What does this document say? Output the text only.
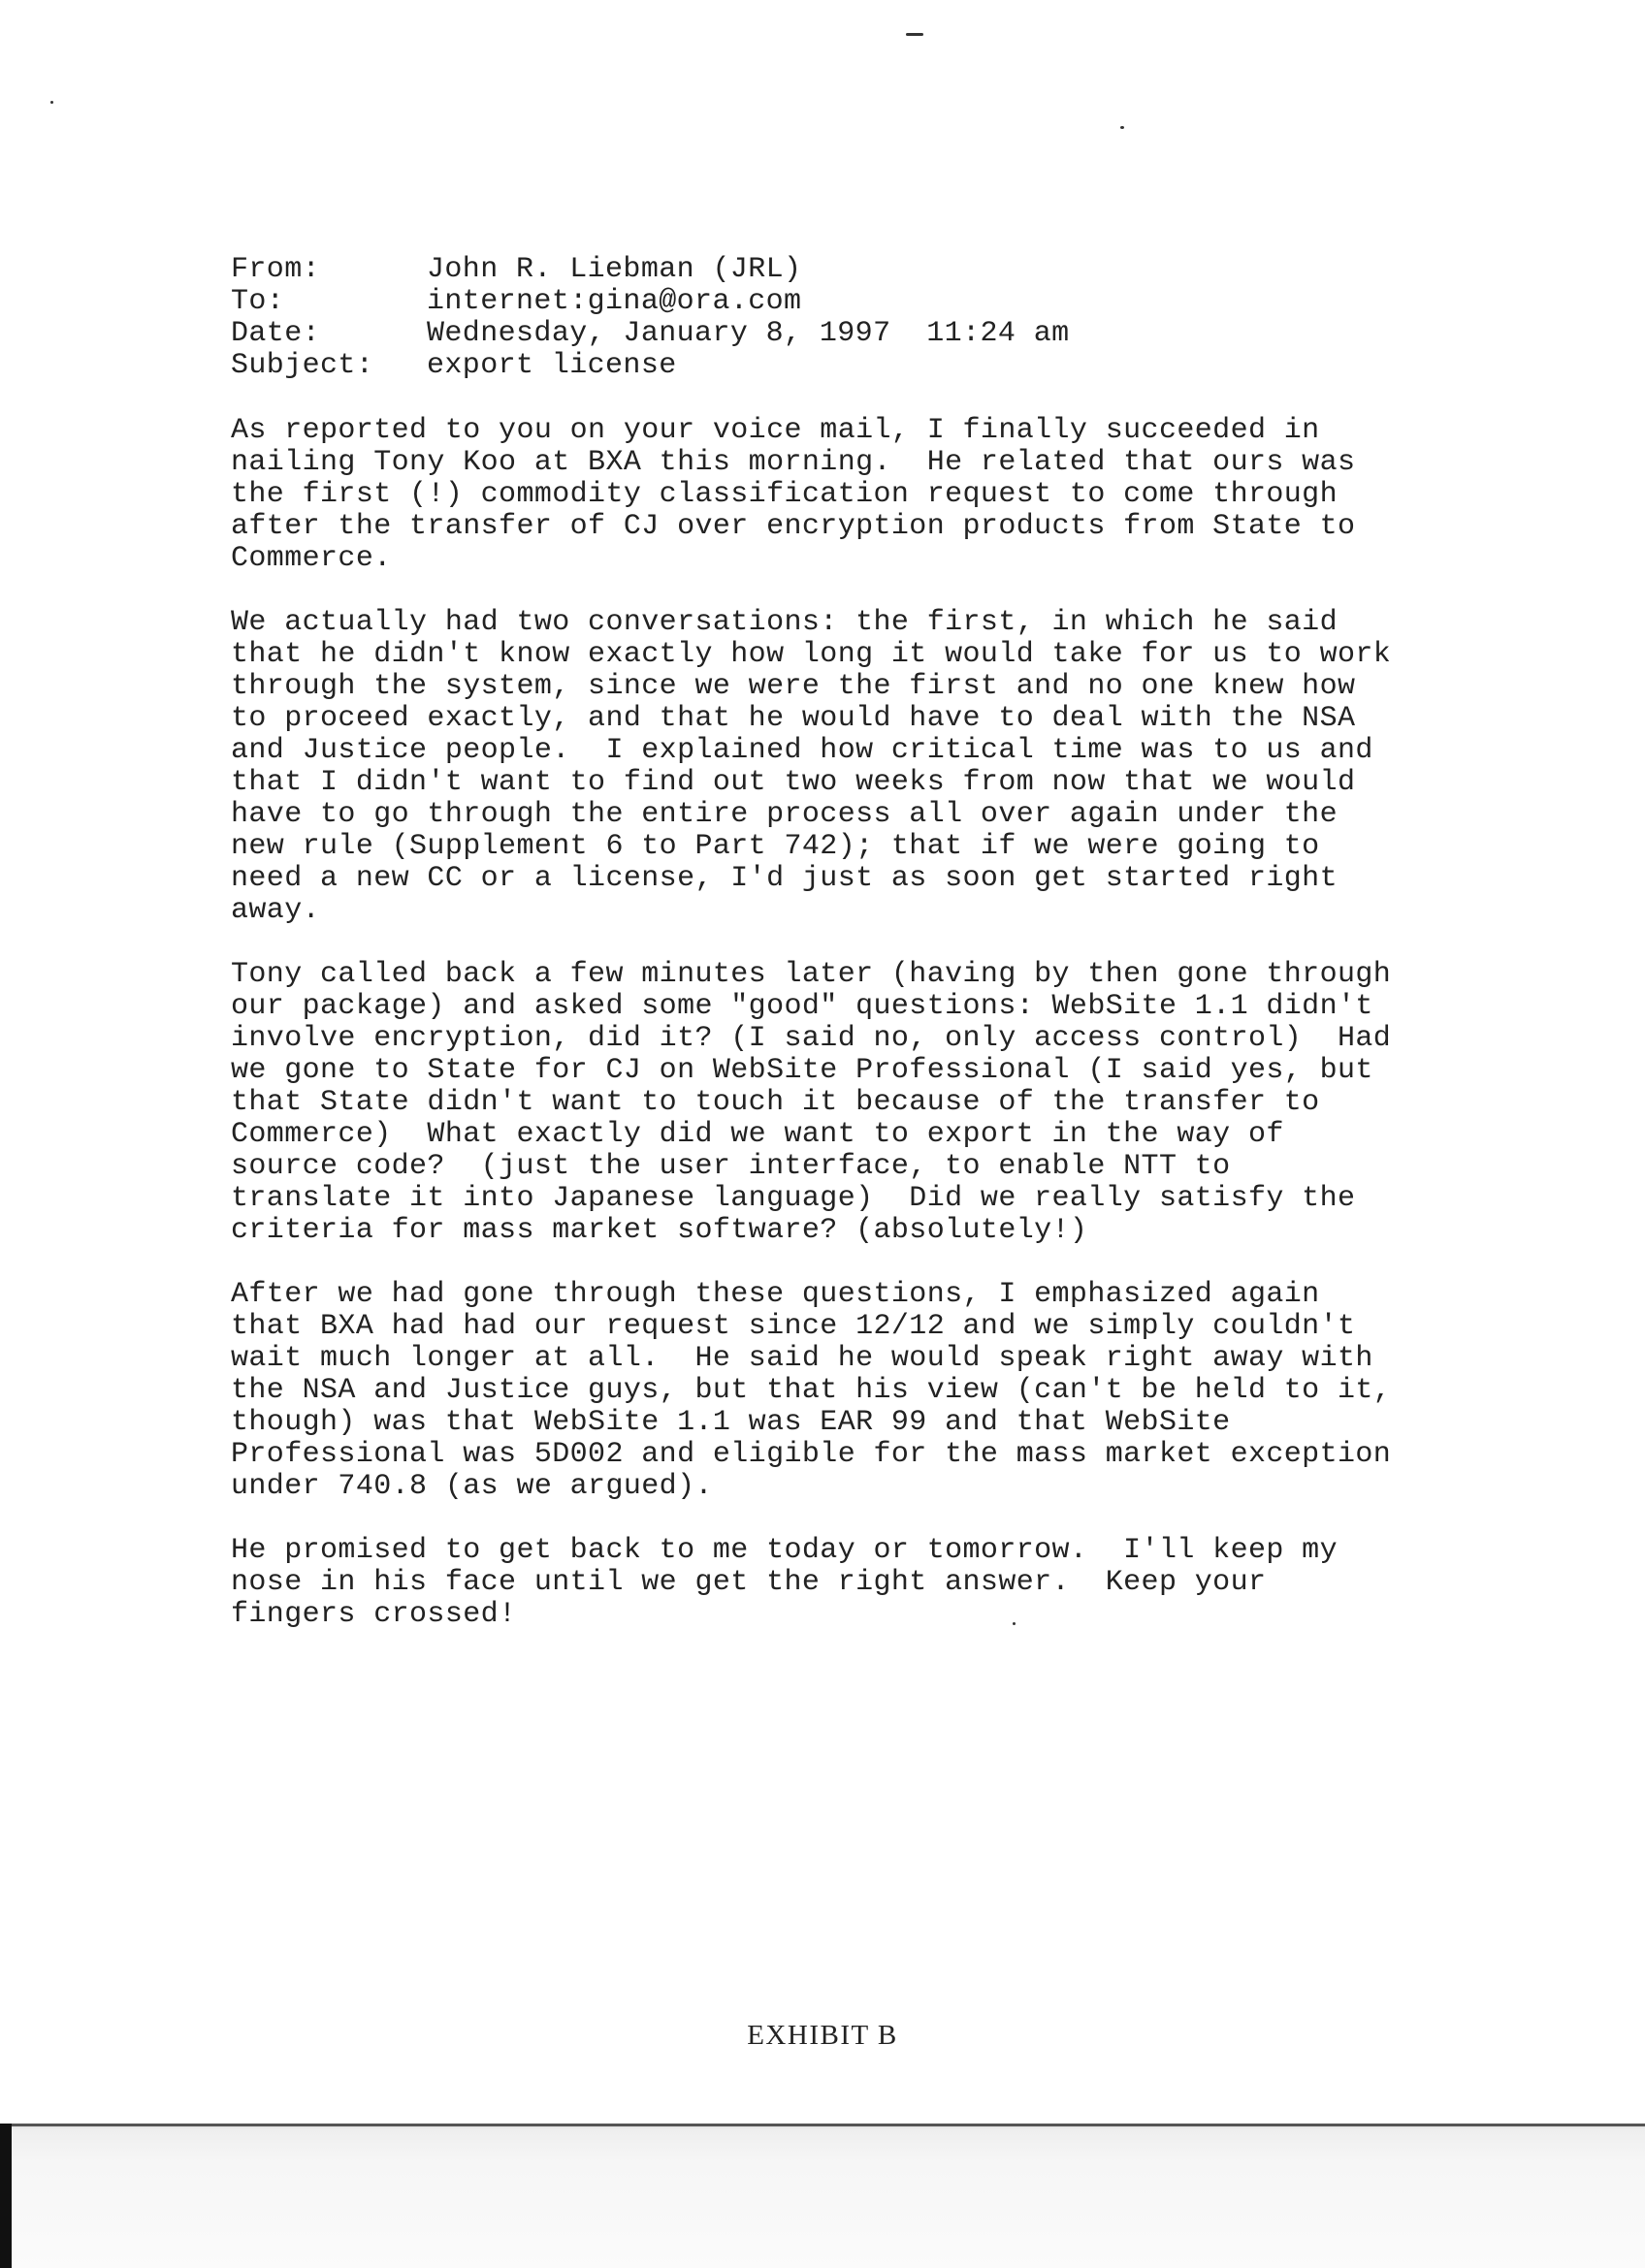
From:	John R. Liebman (JRL)
To:	internet:gina@ora.com
Date:	Wednesday, January 8, 1997  11:24 am
Subject:	export license
As reported to you on your voice mail, I finally succeeded in
nailing Tony Koo at BXA this morning.  He related that ours was
the first (!) commodity classification request to come through
after the transfer of CJ over encryption products from State to
Commerce.
We actually had two conversations: the first, in which he said
that he didn't know exactly how long it would take for us to work
through the system, since we were the first and no one knew how
to proceed exactly, and that he would have to deal with the NSA
and Justice people.  I explained how critical time was to us and
that I didn't want to find out two weeks from now that we would
have to go through the entire process all over again under the
new rule (Supplement 6 to Part 742); that if we were going to
need a new CC or a license, I'd just as soon get started right
away.
Tony called back a few minutes later (having by then gone through
our package) and asked some "good" questions: WebSite 1.1 didn't
involve encryption, did it? (I said no, only access control)  Had
we gone to State for CJ on WebSite Professional (I said yes, but
that State didn't want to touch it because of the transfer to
Commerce)  What exactly did we want to export in the way of
source code?  (just the user interface, to enable NTT to
translate it into Japanese language)  Did we really satisfy the
criteria for mass market software? (absolutely!)
After we had gone through these questions, I emphasized again
that BXA had had our request since 12/12 and we simply couldn't
wait much longer at all.  He said he would speak right away with
the NSA and Justice guys, but that his view (can't be held to it,
though) was that WebSite 1.1 was EAR 99 and that WebSite
Professional was 5D002 and eligible for the mass market exception
under 740.8 (as we argued).
He promised to get back to me today or tomorrow.  I'll keep my
nose in his face until we get the right answer.  Keep your
fingers crossed!
EXHIBIT B
